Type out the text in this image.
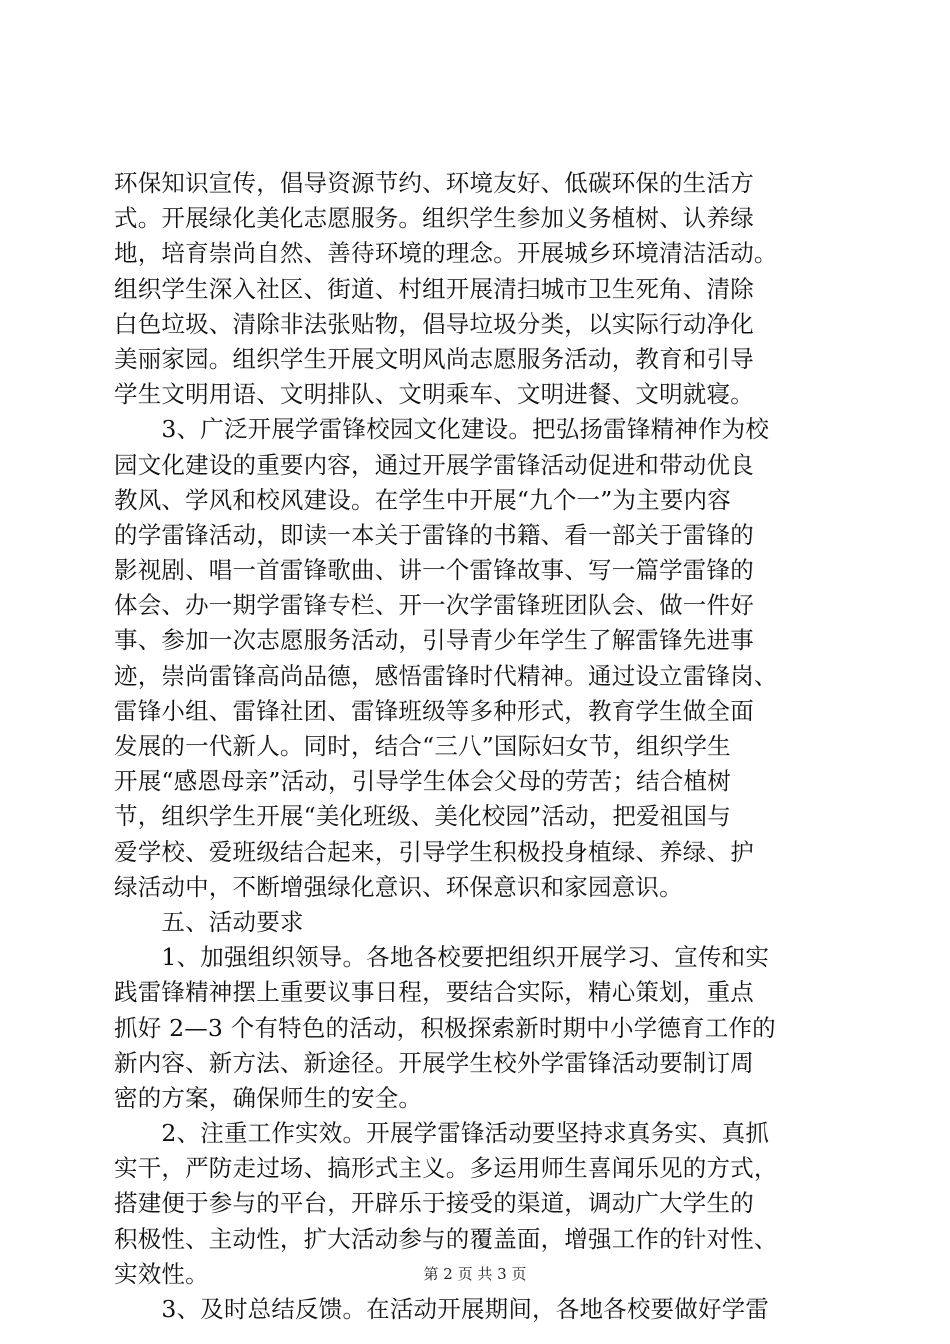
环保知识宣传，倡导资源节约、环境友好、低碳环保的生活方
式。开展绿化美化志愿服务。组织学生参加义务植树、认养绿
地，培育崇尚自然、善待环境的理念。开展城乡环境清洁活动。
组织学生深入社区、街道、村组开展清扫城市卫生死角、清除
白色垃圾、清除非法张贴物，倡导垃圾分类，以实际行动净化
美丽家园。组织学生开展文明风尚志愿服务活动，教育和引导
学生文明用语、文明排队、文明乘车、文明进餐、文明就寝。
　　3、广泛开展学雷锋校园文化建设。把弘扬雷锋精神作为校
园文化建设的重要内容，通过开展学雷锋活动促进和带动优良
教风、学风和校风建设。在学生中开展“九个一”为主要内容
的学雷锋活动，即读一本关于雷锋的书籍、看一部关于雷锋的
影视剧、唱一首雷锋歌曲、讲一个雷锋故事、写一篇学雷锋的
体会、办一期学雷锋专栏、开一次学雷锋班团队会、做一件好
事、参加一次志愿服务活动，引导青少年学生了解雷锋先进事
迹，崇尚雷锋高尚品德，感悟雷锋时代精神。通过设立雷锋岗、
雷锋小组、雷锋社团、雷锋班级等多种形式，教育学生做全面
发展的一代新人。同时，结合“三八”国际妇女节，组织学生
开展“感恩母亲”活动，引导学生体会父母的劳苦；结合植树
节，组织学生开展“美化班级、美化校园”活动，把爱祖国与
爱学校、爱班级结合起来，引导学生积极投身植绿、养绿、护
绿活动中，不断增强绿化意识、环保意识和家园意识。
　　五、活动要求
　　1、加强组织领导。各地各校要把组织开展学习、宣传和实
践雷锋精神摆上重要议事日程，要结合实际，精心策划，重点
抓好 2—3 个有特色的活动，积极探索新时期中小学德育工作的
新内容、新方法、新途径。开展学生校外学雷锋活动要制订周
密的方案，确保师生的安全。
　　2、注重工作实效。开展学雷锋活动要坚持求真务实、真抓
实干，严防走过场、搞形式主义。多运用师生喜闻乐见的方式，
搭建便于参与的平台，开辟乐于接受的渠道，调动广大学生的
积极性、主动性，扩大活动参与的覆盖面，增强工作的针对性、
实效性。
　　3、及时总结反馈。在活动开展期间，各地各校要做好学雷
第 2 页 共 3 页
